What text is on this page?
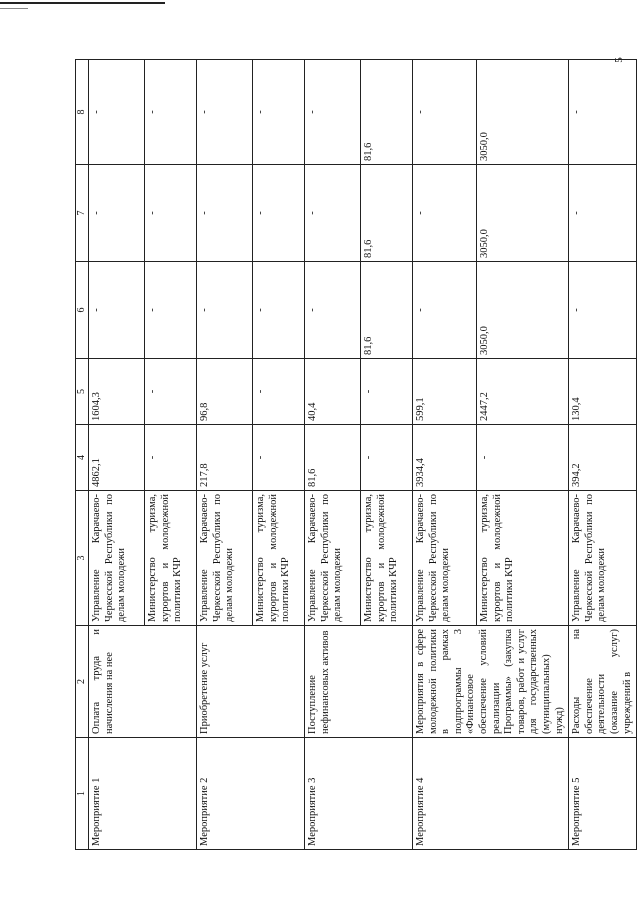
5
1	2	3	4	5	6	7	8
Мероприятие 1	Оплата труда и начисления на нее	Управление Карачаево-Черкесской Республики по делам молодежи	4862,1	1604,3	-	-	-
		Министерство туризма, курортов и молодежной политики КЧР	-	-	-	-	-
Мероприятие 2	Приобретение услуг	Управление Карачаево-Черкесской Республики по делам молодежи	217,8	96,8	-	-	-
		Министерство туризма, курортов и молодежной политики КЧР	-	-	-	-	-
Мероприятие 3	Поступление нефинансовых активов	Управление Карачаево-Черкесской Республики по делам молодежи	81,6	40,4	-	-	-
		Министерство туризма, курортов и молодежной политики КЧР	-	-	81,6	81,6	81,6
Мероприятие 4	Мероприятия в сфере молодежной политики в рамках подпрограммы 3 «Финансовое обеспечение условий реализации Программы» (закупка товаров, работ и услуг для государственных (муниципальных) нужд)	Управление Карачаево-Черкесской Республики по делам молодежи	3934,4	599,1	-	-	-
		Министерство туризма, курортов и молодежной политики КЧР	-	2447,2	3050,0	3050,0	3050,0
Мероприятие 5	Расходы на обеспечение деятельности (оказание услуг) учреждений в	Управление Карачаево-Черкесской Республики по делам молодежи	394,2	130,4	-	-	-
